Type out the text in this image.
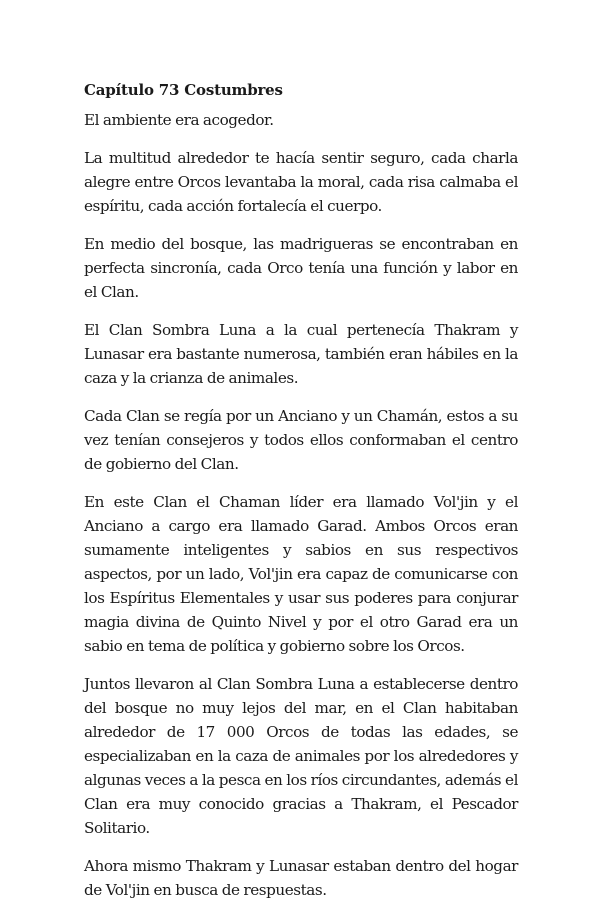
Capítulo 73 Costumbres

El ambiente era acogedor.

La multitud alrededor te hacía sentir seguro, cada charla alegre entre Orcos levantaba la moral, cada risa calmaba el espíritu, cada acción fortalecía el cuerpo.

En medio del bosque, las madrigueras se encontraban en perfecta sincronía, cada Orco tenía una función y labor en el Clan.

El Clan Sombra Luna a la cual pertenecía Thakram y Lunasar era bastante numerosa, también eran hábiles en la caza y la crianza de animales.

Cada Clan se regía por un Anciano y un Chamán, estos a su vez tenían consejeros y todos ellos conformaban el centro de gobierno del Clan.

En este Clan el Chaman líder era llamado Vol'jin y el Anciano a cargo era llamado Garad. Ambos Orcos eran sumamente inteligentes y sabios en sus respectivos aspectos, por un lado, Vol'jin era capaz de comunicarse con los Espíritus Elementales y usar sus poderes para conjurar magia divina de Quinto Nivel y por el otro Garad era un sabio en tema de política y gobierno sobre los Orcos.

Juntos llevaron al Clan Sombra Luna a establecerse dentro del bosque no muy lejos del mar, en el Clan habitaban alrededor de 17 000 Orcos de todas las edades, se especializaban en la caza de animales por los alrededores y algunas veces a la pesca en los ríos circundantes, además el Clan era muy conocido gracias a Thakram, el Pescador Solitario.

Ahora mismo Thakram y Lunasar estaban dentro del hogar de Vol'jin en busca de respuestas.
